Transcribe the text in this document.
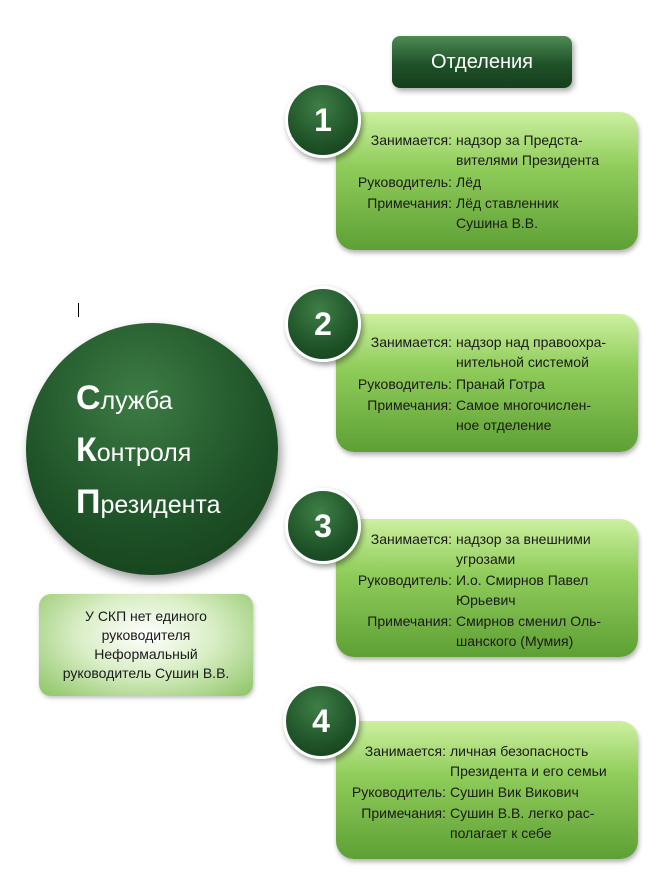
Отделения
Служба
Контроля
Президента
У СКП нет единого
руководителя
Неформальный
руководитель Сушин В.В.
Занимается: надзор за Предста-
вителями Президента
Руководитель: Лёд
Примечания: Лёд ставленник
Сушина В.В.
1
Занимается: надзор над правоохра-
нительной системой
Руководитель: Пранай Готра
Примечания: Самое многочислен-
ное отделение
2
Занимается: надзор за внешними
угрозами
Руководитель: И.о. Смирнов Павел
Юрьевич
Примечания: Смирнов сменил Оль-
шанского (Мумия)
3
Занимается: личная безопасность
Президента и его семьи
Руководитель: Сушин Вик Викович
Примечания: Сушин В.В. легко рас-
полагает к себе
4
